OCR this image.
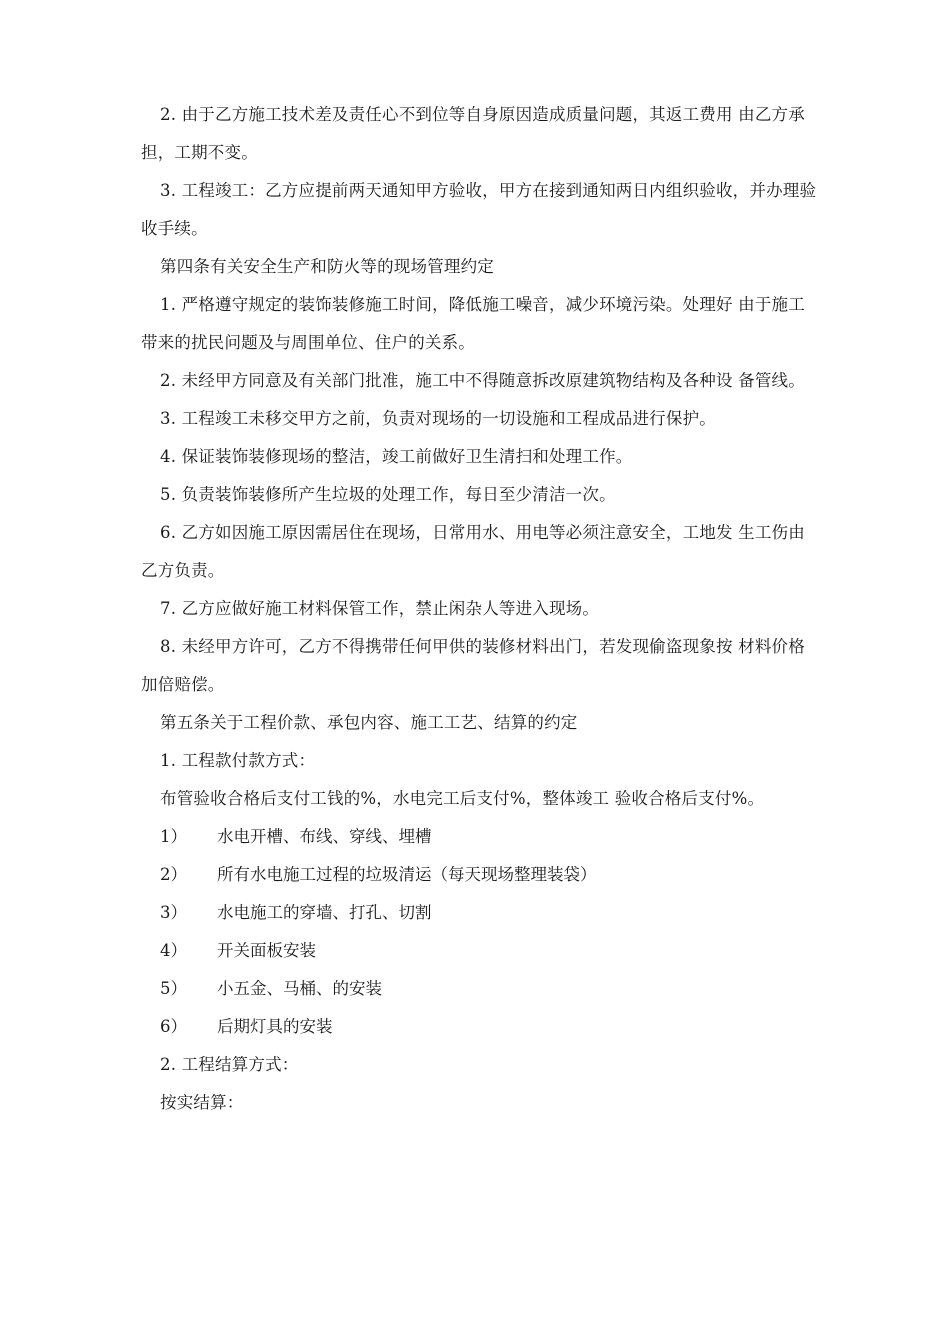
2. 由于乙方施工技术差及责任心不到位等自身原因造成质量问题，其返工费用 由乙方承担，工期不变。

3. 工程竣工：乙方应提前两天通知甲方验收，甲方在接到通知两日内组织验收，并办理验收手续。

第四条有关安全生产和防火等的现场管理约定

1. 严格遵守规定的装饰装修施工时间，降低施工噪音，减少环境污染。处理好 由于施工带来的扰民问题及与周围单位、住户的关系。

2. 未经甲方同意及有关部门批准，施工中不得随意拆改原建筑物结构及各种设 备管线。

3. 工程竣工未移交甲方之前，负责对现场的一切设施和工程成品进行保护。

4. 保证装饰装修现场的整洁，竣工前做好卫生清扫和处理工作。

5. 负责装饰装修所产生垃圾的处理工作，每日至少清洁一次。

6. 乙方如因施工原因需居住在现场，日常用水、用电等必须注意安全，工地发 生工伤由乙方负责。

7. 乙方应做好施工材料保管工作，禁止闲杂人等进入现场。

8. 未经甲方许可，乙方不得携带任何甲供的装修材料出门，若发现偷盗现象按 材料价格加倍赔偿。

第五条关于工程价款、承包内容、施工工艺、结算的约定

1. 工程款付款方式：

布管验收合格后支付工钱的%，水电完工后支付%，整体竣工 验收合格后支付%。

1）	水电开槽、布线、穿线、埋槽
2）	所有水电施工过程的垃圾清运（每天现场整理装袋）
3）	水电施工的穿墙、打孔、切割
4）	开关面板安装
5）	小五金、马桶、的安装
6）	后期灯具的安装

2. 工程结算方式：

按实结算：
